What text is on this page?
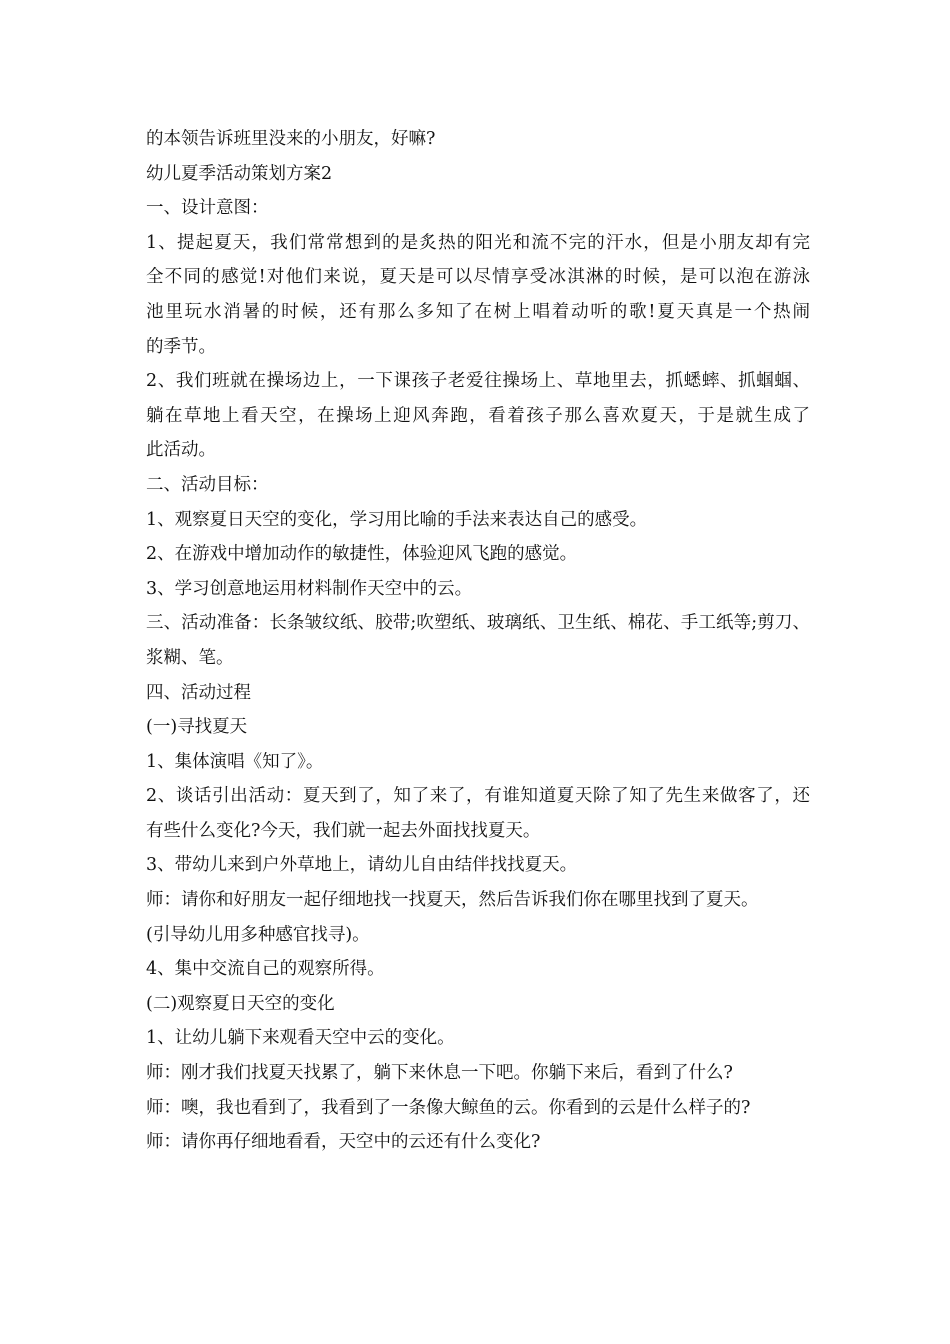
的本领告诉班里没来的小朋友，好嘛?
幼儿夏季活动策划方案2
一、设计意图：
1、提起夏天，我们常常想到的是炙热的阳光和流不完的汗水，但是小朋友却有完
全不同的感觉!对他们来说，夏天是可以尽情享受冰淇淋的时候，是可以泡在游泳
池里玩水消暑的时候，还有那么多知了在树上唱着动听的歌!夏天真是一个热闹
的季节。
2、我们班就在操场边上，一下课孩子老爱往操场上、草地里去，抓蟋蟀、抓蝈蝈、
躺在草地上看天空，在操场上迎风奔跑，看着孩子那么喜欢夏天，于是就生成了
此活动。
二、活动目标：
1、观察夏日天空的变化，学习用比喻的手法来表达自己的感受。
2、在游戏中增加动作的敏捷性，体验迎风飞跑的感觉。
3、学习创意地运用材料制作天空中的云。
三、活动准备：长条皱纹纸、胶带;吹塑纸、玻璃纸、卫生纸、棉花、手工纸等;剪刀、
浆糊、笔。
四、活动过程
(一)寻找夏天
1、集体演唱《知了》。
2、谈话引出活动：夏天到了，知了来了，有谁知道夏天除了知了先生来做客了，还
有些什么变化?今天，我们就一起去外面找找夏天。
3、带幼儿来到户外草地上，请幼儿自由结伴找找夏天。
师：请你和好朋友一起仔细地找一找夏天，然后告诉我们你在哪里找到了夏天。
(引导幼儿用多种感官找寻)。
4、集中交流自己的观察所得。
(二)观察夏日天空的变化
1、让幼儿躺下来观看天空中云的变化。
师：刚才我们找夏天找累了，躺下来休息一下吧。你躺下来后，看到了什么?
师：噢，我也看到了，我看到了一条像大鲸鱼的云。你看到的云是什么样子的?
师：请你再仔细地看看，天空中的云还有什么变化?
